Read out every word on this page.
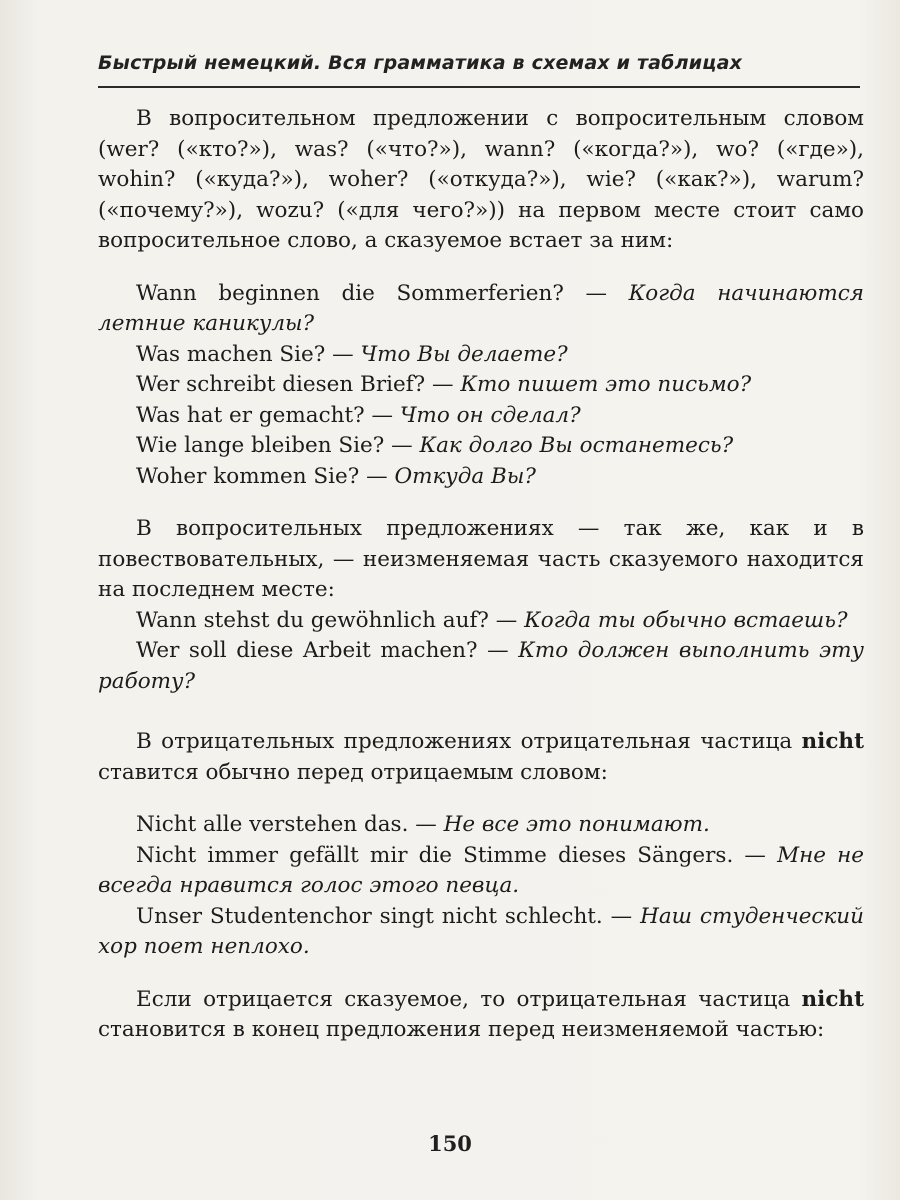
Быстрый немецкий. Вся грамматика в схемах и таблицах

В вопросительном предложении с вопросительным словом (wer? («кто?»), was? («что?»), wann? («когда?»), wo? («где»), wohin? («куда?»), woher? («откуда?»), wie? («как?»), warum? («почему?»), wozu? («для чего?»)) на первом месте стоит само вопросительное слово, а сказуемое встает за ним:

Wann beginnen die Sommerferien? — Когда начинаются летние каникулы?

Was machen Sie? — Что Вы делаете?

Wer schreibt diesen Brief? — Кто пишет это письмо?

Was hat er gemacht? — Что он сделал?

Wie lange bleiben Sie? — Как долго Вы останетесь?

Woher kommen Sie? — Откуда Вы?

В вопросительных предложениях — так же, как и в повествовательных, — неизменяемая часть сказуемого находится на последнем месте:

Wann stehst du gewöhnlich auf? — Когда ты обычно встаешь?

Wer soll diese Arbeit machen? — Кто должен выполнить эту работу?

В отрицательных предложениях отрицательная частица nicht ставится обычно перед отрицаемым словом:

Nicht alle verstehen das. — Не все это понимают.

Nicht immer gefällt mir die Stimme dieses Sängers. — Мне не всегда нравится голос этого певца.

Unser Studentenchor singt nicht schlecht. — Наш студенческий хор поет неплохо.

Если отрицается сказуемое, то отрицательная частица nicht становится в конец предложения перед неизменяемой частью:

150
